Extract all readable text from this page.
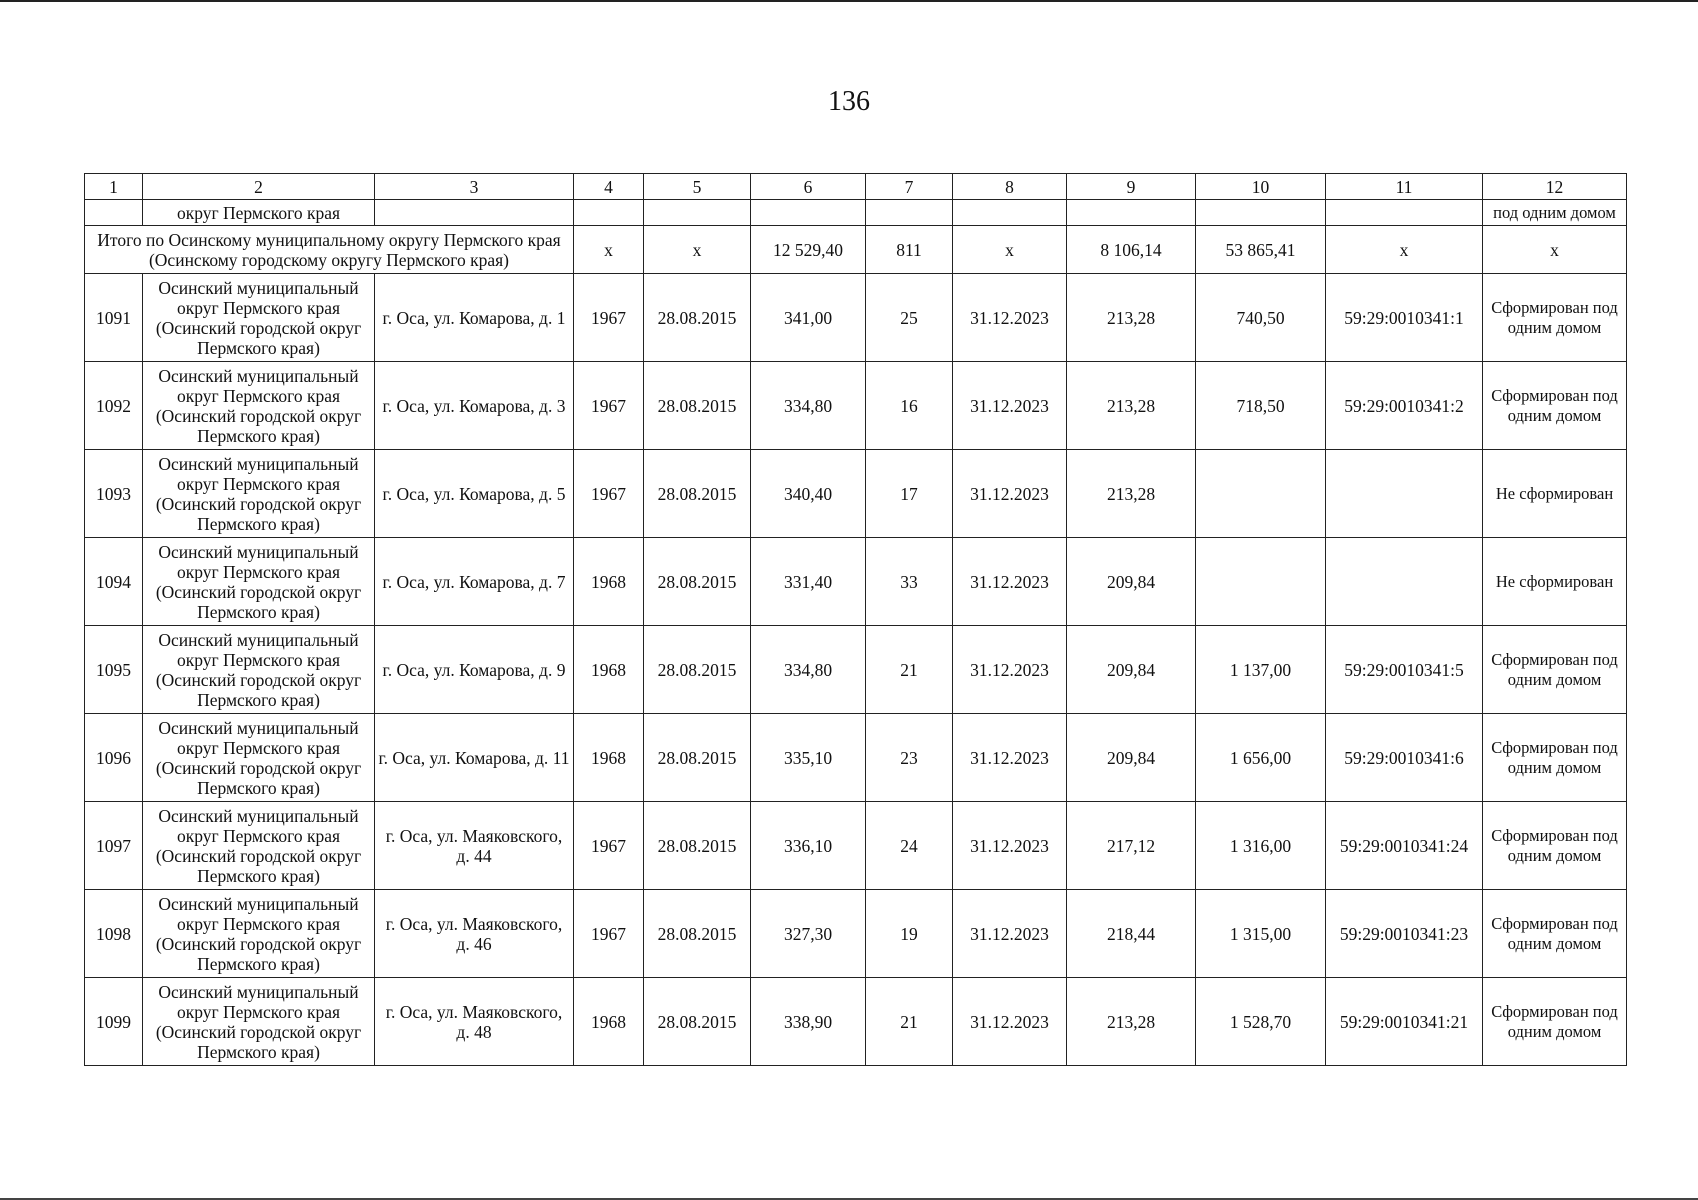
136
1	2	3	4	5	6	7	8	9	10	11	12
	округ Пермского края										под одним домом
Итого по Осинскому муниципальному округу Пермского края (Осинскому городскому округу Пермского края)			х	х	12 529,40	811	х	8 106,14	53 865,41	х	х
1091	Осинский муниципальный округ Пермского края (Осинский городской округ Пермского края)	г. Оса, ул. Комарова, д. 1	1967	28.08.2015	341,00	25	31.12.2023	213,28	740,50	59:29:0010341:1	Сформирован под одним домом
1092	Осинский муниципальный округ Пермского края (Осинский городской округ Пермского края)	г. Оса, ул. Комарова, д. 3	1967	28.08.2015	334,80	16	31.12.2023	213,28	718,50	59:29:0010341:2	Сформирован под одним домом
1093	Осинский муниципальный округ Пермского края (Осинский городской округ Пермского края)	г. Оса, ул. Комарова, д. 5	1967	28.08.2015	340,40	17	31.12.2023	213,28			Не сформирован
1094	Осинский муниципальный округ Пермского края (Осинский городской округ Пермского края)	г. Оса, ул. Комарова, д. 7	1968	28.08.2015	331,40	33	31.12.2023	209,84			Не сформирован
1095	Осинский муниципальный округ Пермского края (Осинский городской округ Пермского края)	г. Оса, ул. Комарова, д. 9	1968	28.08.2015	334,80	21	31.12.2023	209,84	1 137,00	59:29:0010341:5	Сформирован под одним домом
1096	Осинский муниципальный округ Пермского края (Осинский городской округ Пермского края)	г. Оса, ул. Комарова, д. 11	1968	28.08.2015	335,10	23	31.12.2023	209,84	1 656,00	59:29:0010341:6	Сформирован под одним домом
1097	Осинский муниципальный округ Пермского края (Осинский городской округ Пермского края)	г. Оса, ул. Маяковского, д. 44	1967	28.08.2015	336,10	24	31.12.2023	217,12	1 316,00	59:29:0010341:24	Сформирован под одним домом
1098	Осинский муниципальный округ Пермского края (Осинский городской округ Пермского края)	г. Оса, ул. Маяковского, д. 46	1967	28.08.2015	327,30	19	31.12.2023	218,44	1 315,00	59:29:0010341:23	Сформирован под одним домом
1099	Осинский муниципальный округ Пермского края (Осинский городской округ Пермского края)	г. Оса, ул. Маяковского, д. 48	1968	28.08.2015	338,90	21	31.12.2023	213,28	1 528,70	59:29:0010341:21	Сформирован под одним домом
